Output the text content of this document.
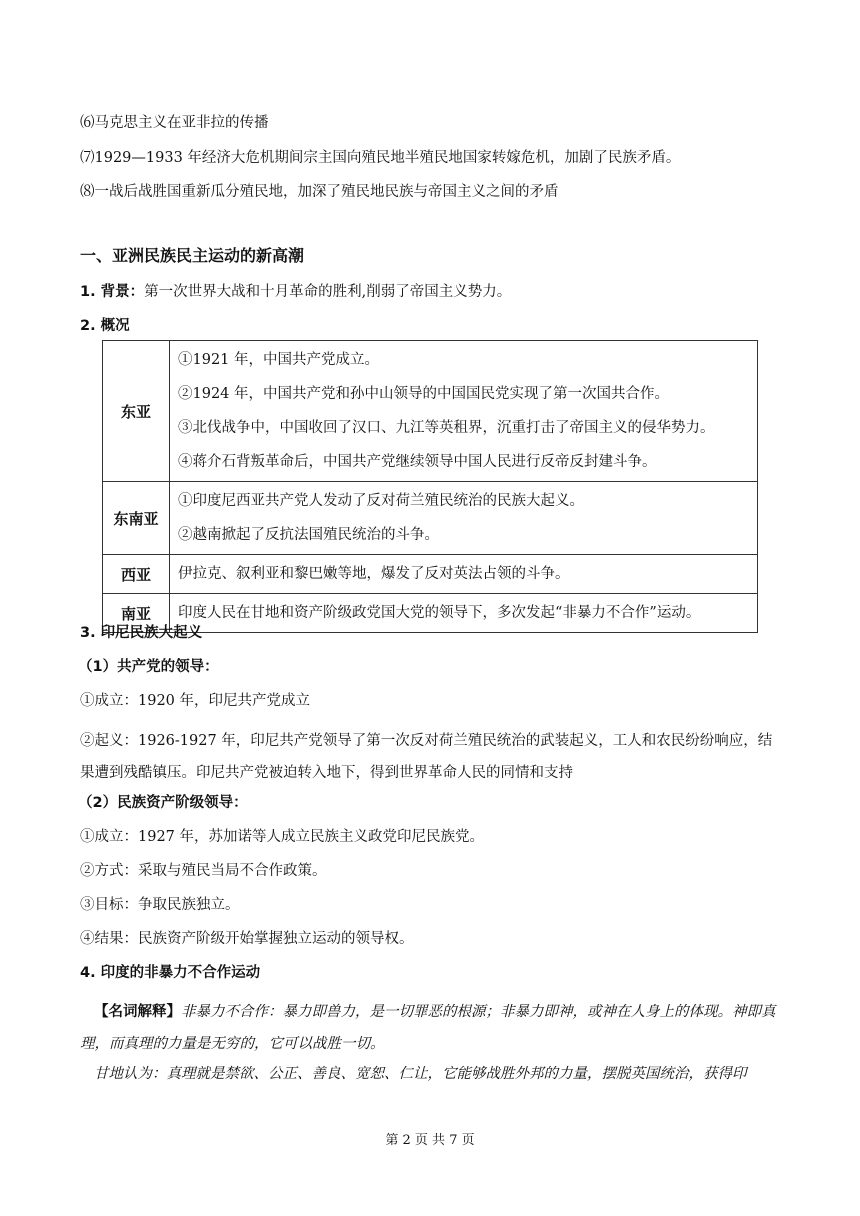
⑹马克思主义在亚非拉的传播
⑺1929—1933 年经济大危机期间宗主国向殖民地半殖民地国家转嫁危机，加剧了民族矛盾。
⑻一战后战胜国重新瓜分殖民地，加深了殖民地民族与帝国主义之间的矛盾
一、亚洲民族民主运动的新高潮
1. 背景：第一次世界大战和十月革命的胜利,削弱了帝国主义势力。
2. 概况
东亚	①1921 年，中国共产党成立。
②1924 年，中国共产党和孙中山领导的中国国民党实现了第一次国共合作。
③北伐战争中，中国收回了汉口、九江等英租界，沉重打击了帝国主义的侵华势力。
④蒋介石背叛革命后，中国共产党继续领导中国人民进行反帝反封建斗争。

东南亚	①印度尼西亚共产党人发动了反对荷兰殖民统治的民族大起义。
②越南掀起了反抗法国殖民统治的斗争。

西亚	伊拉克、叙利亚和黎巴嫩等地，爆发了反对英法占领的斗争。

南亚	印度人民在甘地和资产阶级政党国大党的领导下，多次发起“非暴力不合作”运动。
3. 印尼民族大起义
（1）共产党的领导：
①成立：1920 年，印尼共产党成立
②起义：1926-1927 年，印尼共产党领导了第一次反对荷兰殖民统治的武装起义，工人和农民纷纷响应，结果遭到残酷镇压。印尼共产党被迫转入地下，得到世界革命人民的同情和支持
（2）民族资产阶级领导：
①成立：1927 年，苏加诺等人成立民族主义政党印尼民族党。
②方式：采取与殖民当局不合作政策。
③目标：争取民族独立。
④结果：民族资产阶级开始掌握独立运动的领导权。
4. 印度的非暴力不合作运动
【名词解释】非暴力不合作：暴力即兽力，是一切罪恶的根源；非暴力即神，或神在人身上的体现。神即真理，而真理的力量是无穷的，它可以战胜一切。
甘地认为：真理就是禁欲、公正、善良、宽恕、仁让，它能够战胜外邦的力量，摆脱英国统治，获得印
第 2 页 共 7 页
